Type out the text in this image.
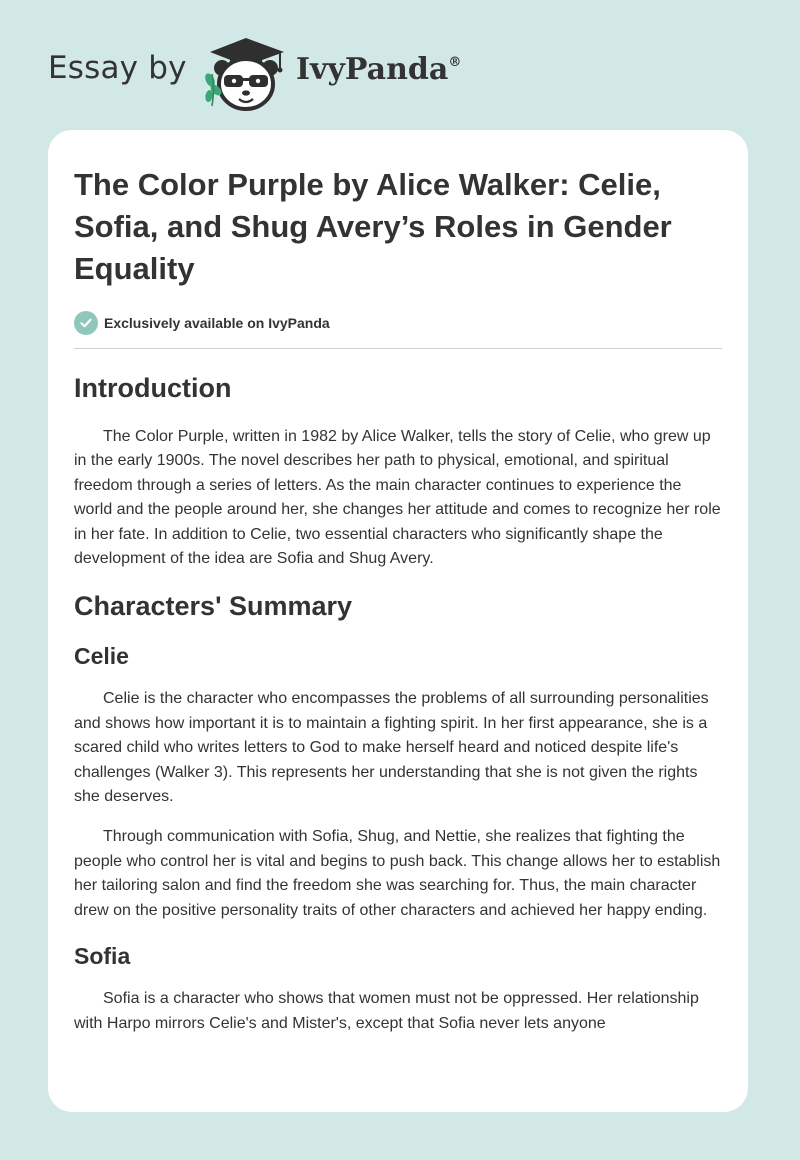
Essay by	IvyPanda®
The Color Purple by Alice Walker: Celie, Sofia, and Shug Avery’s Roles in Gender Equality
Exclusively available on IvyPanda
Introduction

The Color Purple, written in 1982 by Alice Walker, tells the story of Celie, who grew up in the early 1900s. The novel describes her path to physical, emotional, and spiritual freedom through a series of letters. As the main character continues to experience the world and the people around her, she changes her attitude and comes to recognize her role in her fate. In addition to Celie, two essential characters who significantly shape the development of the idea are Sofia and Shug Avery.

Characters' Summary
Celie

Celie is the character who encompasses the problems of all surrounding personalities and shows how important it is to maintain a fighting spirit. In her first appearance, she is a scared child who writes letters to God to make herself heard and noticed despite life's challenges (Walker 3). This represents her understanding that she is not given the rights she deserves.

Through communication with Sofia, Shug, and Nettie, she realizes that fighting the people who control her is vital and begins to push back. This change allows her to establish her tailoring salon and find the freedom she was searching for. Thus, the main character drew on the positive personality traits of other characters and achieved her happy ending.

Sofia

Sofia is a character who shows that women must not be oppressed. Her relationship with Harpo mirrors Celie's and Mister's, except that Sofia never lets anyone
